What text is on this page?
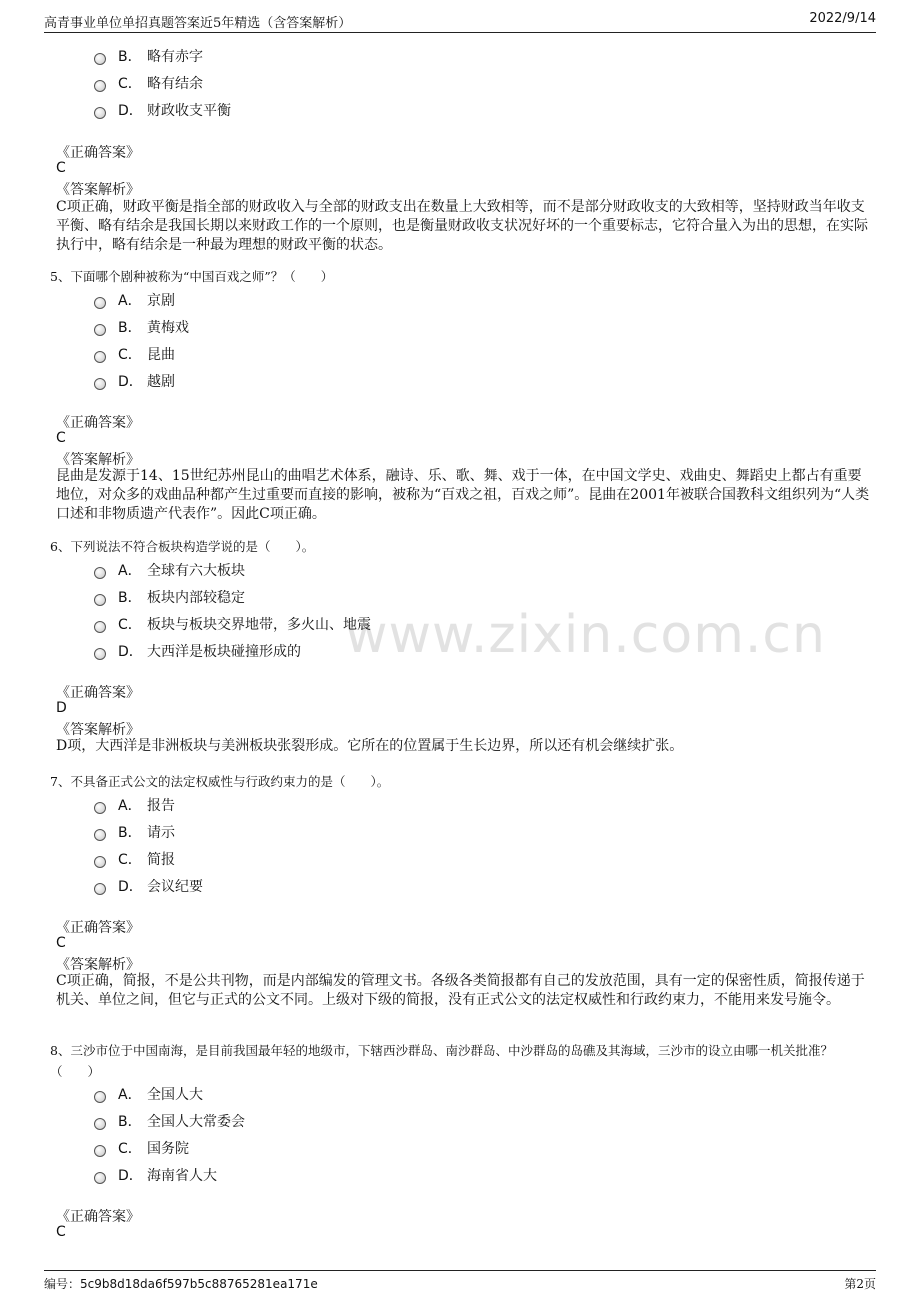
高青事业单位单招真题答案近5年精选（含答案解析）	2022/9/14
www.zixin.com.cn
B． 略有赤字
C． 略有结余
D． 财政收支平衡
《正确答案》
C
《答案解析》
C项正确，财政平衡是指全部的财政收入与全部的财政支出在数量上大致相等，而不是部分财政收支的大致相等，坚持财政当年收支平衡、略有结余是我国长期以来财政工作的一个原则，也是衡量财政收支状况好坏的一个重要标志，它符合量入为出的思想，在实际执行中，略有结余是一种最为理想的财政平衡的状态。
5、下面哪个剧种被称为“中国百戏之师”？（　　）
A． 京剧
B． 黄梅戏
C． 昆曲
D． 越剧
《正确答案》
C
《答案解析》
昆曲是发源于14、15世纪苏州昆山的曲唱艺术体系，融诗、乐、歌、舞、戏于一体，在中国文学史、戏曲史、舞蹈史上都占有重要地位，对众多的戏曲品种都产生过重要而直接的影响，被称为“百戏之祖，百戏之师”。昆曲在2001年被联合国教科文组织列为“人类口述和非物质遗产代表作”。因此C项正确。
6、下列说法不符合板块构造学说的是（　　）。
A． 全球有六大板块
B． 板块内部较稳定
C． 板块与板块交界地带，多火山、地震
D． 大西洋是板块碰撞形成的
《正确答案》
D
《答案解析》
D项，大西洋是非洲板块与美洲板块张裂形成。它所在的位置属于生长边界，所以还有机会继续扩张。
7、不具备正式公文的法定权威性与行政约束力的是（　　）。
A． 报告
B． 请示
C． 简报
D． 会议纪要
《正确答案》
C
《答案解析》
C项正确，简报，不是公共刊物，而是内部编发的管理文书。各级各类简报都有自己的发放范围，具有一定的保密性质，简报传递于机关、单位之间，但它与正式的公文不同。上级对下级的简报，没有正式公文的法定权威性和行政约束力，不能用来发号施令。
8、三沙市位于中国南海，是目前我国最年轻的地级市，下辖西沙群岛、南沙群岛、中沙群岛的岛礁及其海域，三沙市的设立由哪一机关批准？（　　）
A． 全国人大
B． 全国人大常委会
C． 国务院
D． 海南省人大
《正确答案》
C
编号：5c9b8d18da6f597b5c88765281ea171e	第2页
